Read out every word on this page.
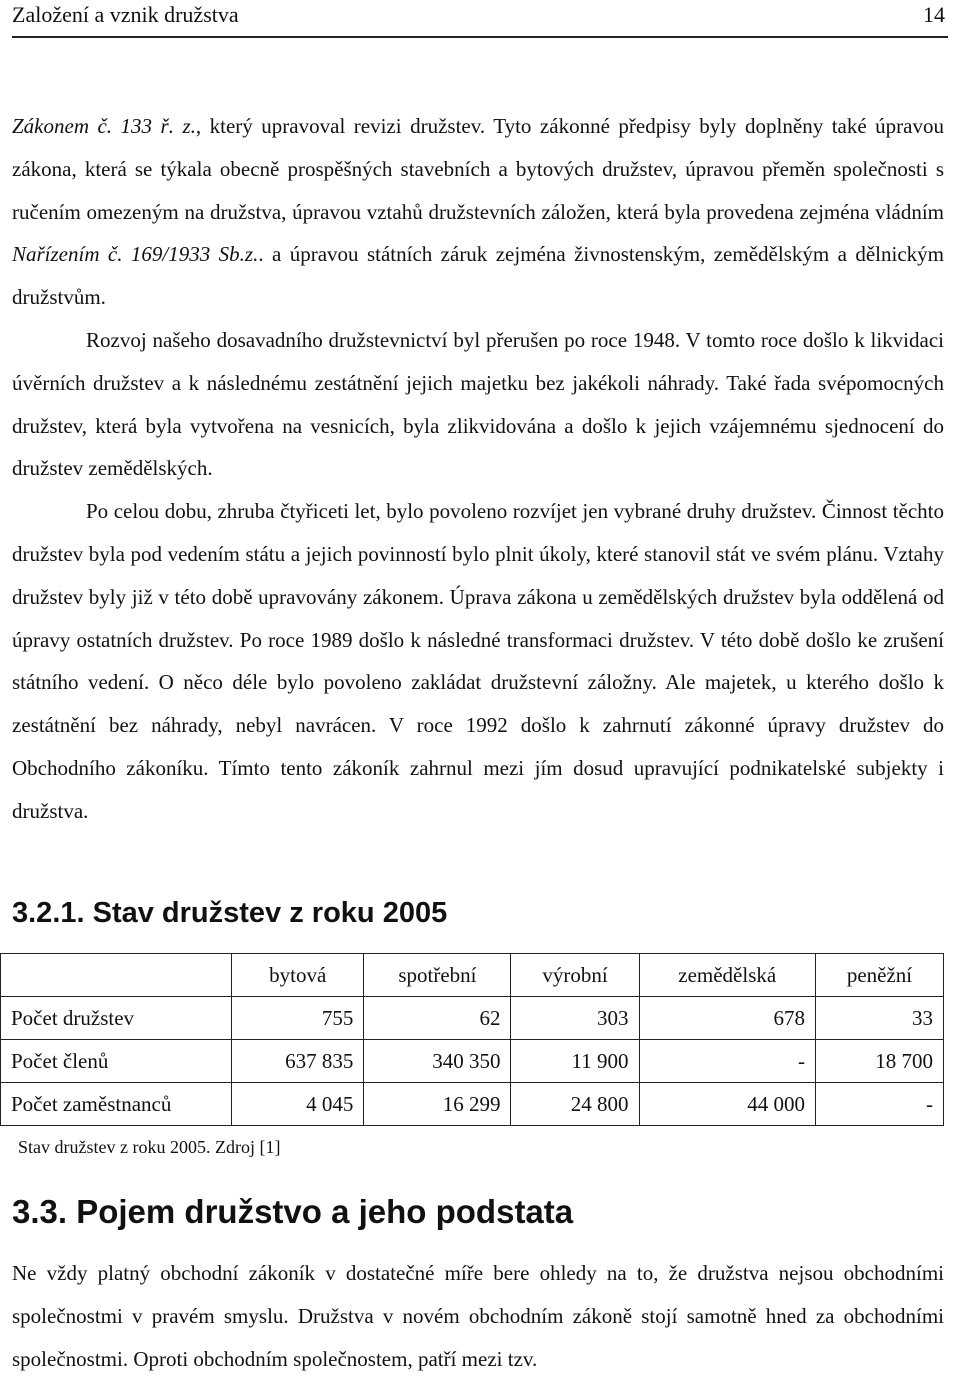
Založení a vznik družstva	14

Zákonem č. 133 ř. z., který upravoval revizi družstev. Tyto zákonné předpisy byly doplněny také úpravou zákona, která se týkala obecně prospěšných stavebních a bytových družstev, úpravou přeměn společnosti s ručením omezeným na družstva, úpravou vztahů družstevních záložen, která byla provedena zejména vládním Nařízením č. 169/1933 Sb.z.. a úpravou státních záruk zejména živnostenským, zemědělským a dělnickým družstvům.

Rozvoj našeho dosavadního družstevnictví byl přerušen po roce 1948. V tomto roce došlo k likvidaci úvěrních družstev a k následnému zestátnění jejich majetku bez jakékoli náhrady. Také řada svépomocných družstev, která byla vytvořena na vesnicích, byla zlikvidována a došlo k jejich vzájemnému sjednocení do družstev zemědělských.

Po celou dobu, zhruba čtyřiceti let, bylo povoleno rozvíjet jen vybrané druhy družstev. Činnost těchto družstev byla pod vedením státu a jejich povinností bylo plnit úkoly, které stanovil stát ve svém plánu. Vztahy družstev byly již v této době upravovány zákonem. Úprava zákona u zemědělských družstev byla oddělená od úpravy ostatních družstev. Po roce 1989 došlo k následné transformaci družstev. V této době došlo ke zrušení státního vedení. O něco déle bylo povoleno zakládat družstevní záložny. Ale majetek, u kterého došlo k zestátnění bez náhrady, nebyl navrácen. V roce 1992 došlo k zahrnutí zákonné úpravy družstev do Obchodního zákoníku. Tímto tento zákoník zahrnul mezi jím dosud upravující podnikatelské subjekty i družstva.

3.2.1. Stav družstev z roku 2005
	bytová	spotřební	výrobní	zemědělská	peněžní
Počet družstev	755	62	303	678	33
Počet členů	637 835	340 350	11 900	-	18 700
Počet zaměstnanců	4 045	16 299	24 800	44 000	-
Stav družstev z roku 2005. Zdroj [1]
3.3. Pojem družstvo a jeho podstata

Ne vždy platný obchodní zákoník v dostatečné míře bere ohledy na to, že družstva nejsou obchodními společnostmi v pravém smyslu. Družstva v novém obchodním zákoně stojí samotně hned za obchodními společnostmi. Oproti obchodním společnostem, patří mezi tzv.
